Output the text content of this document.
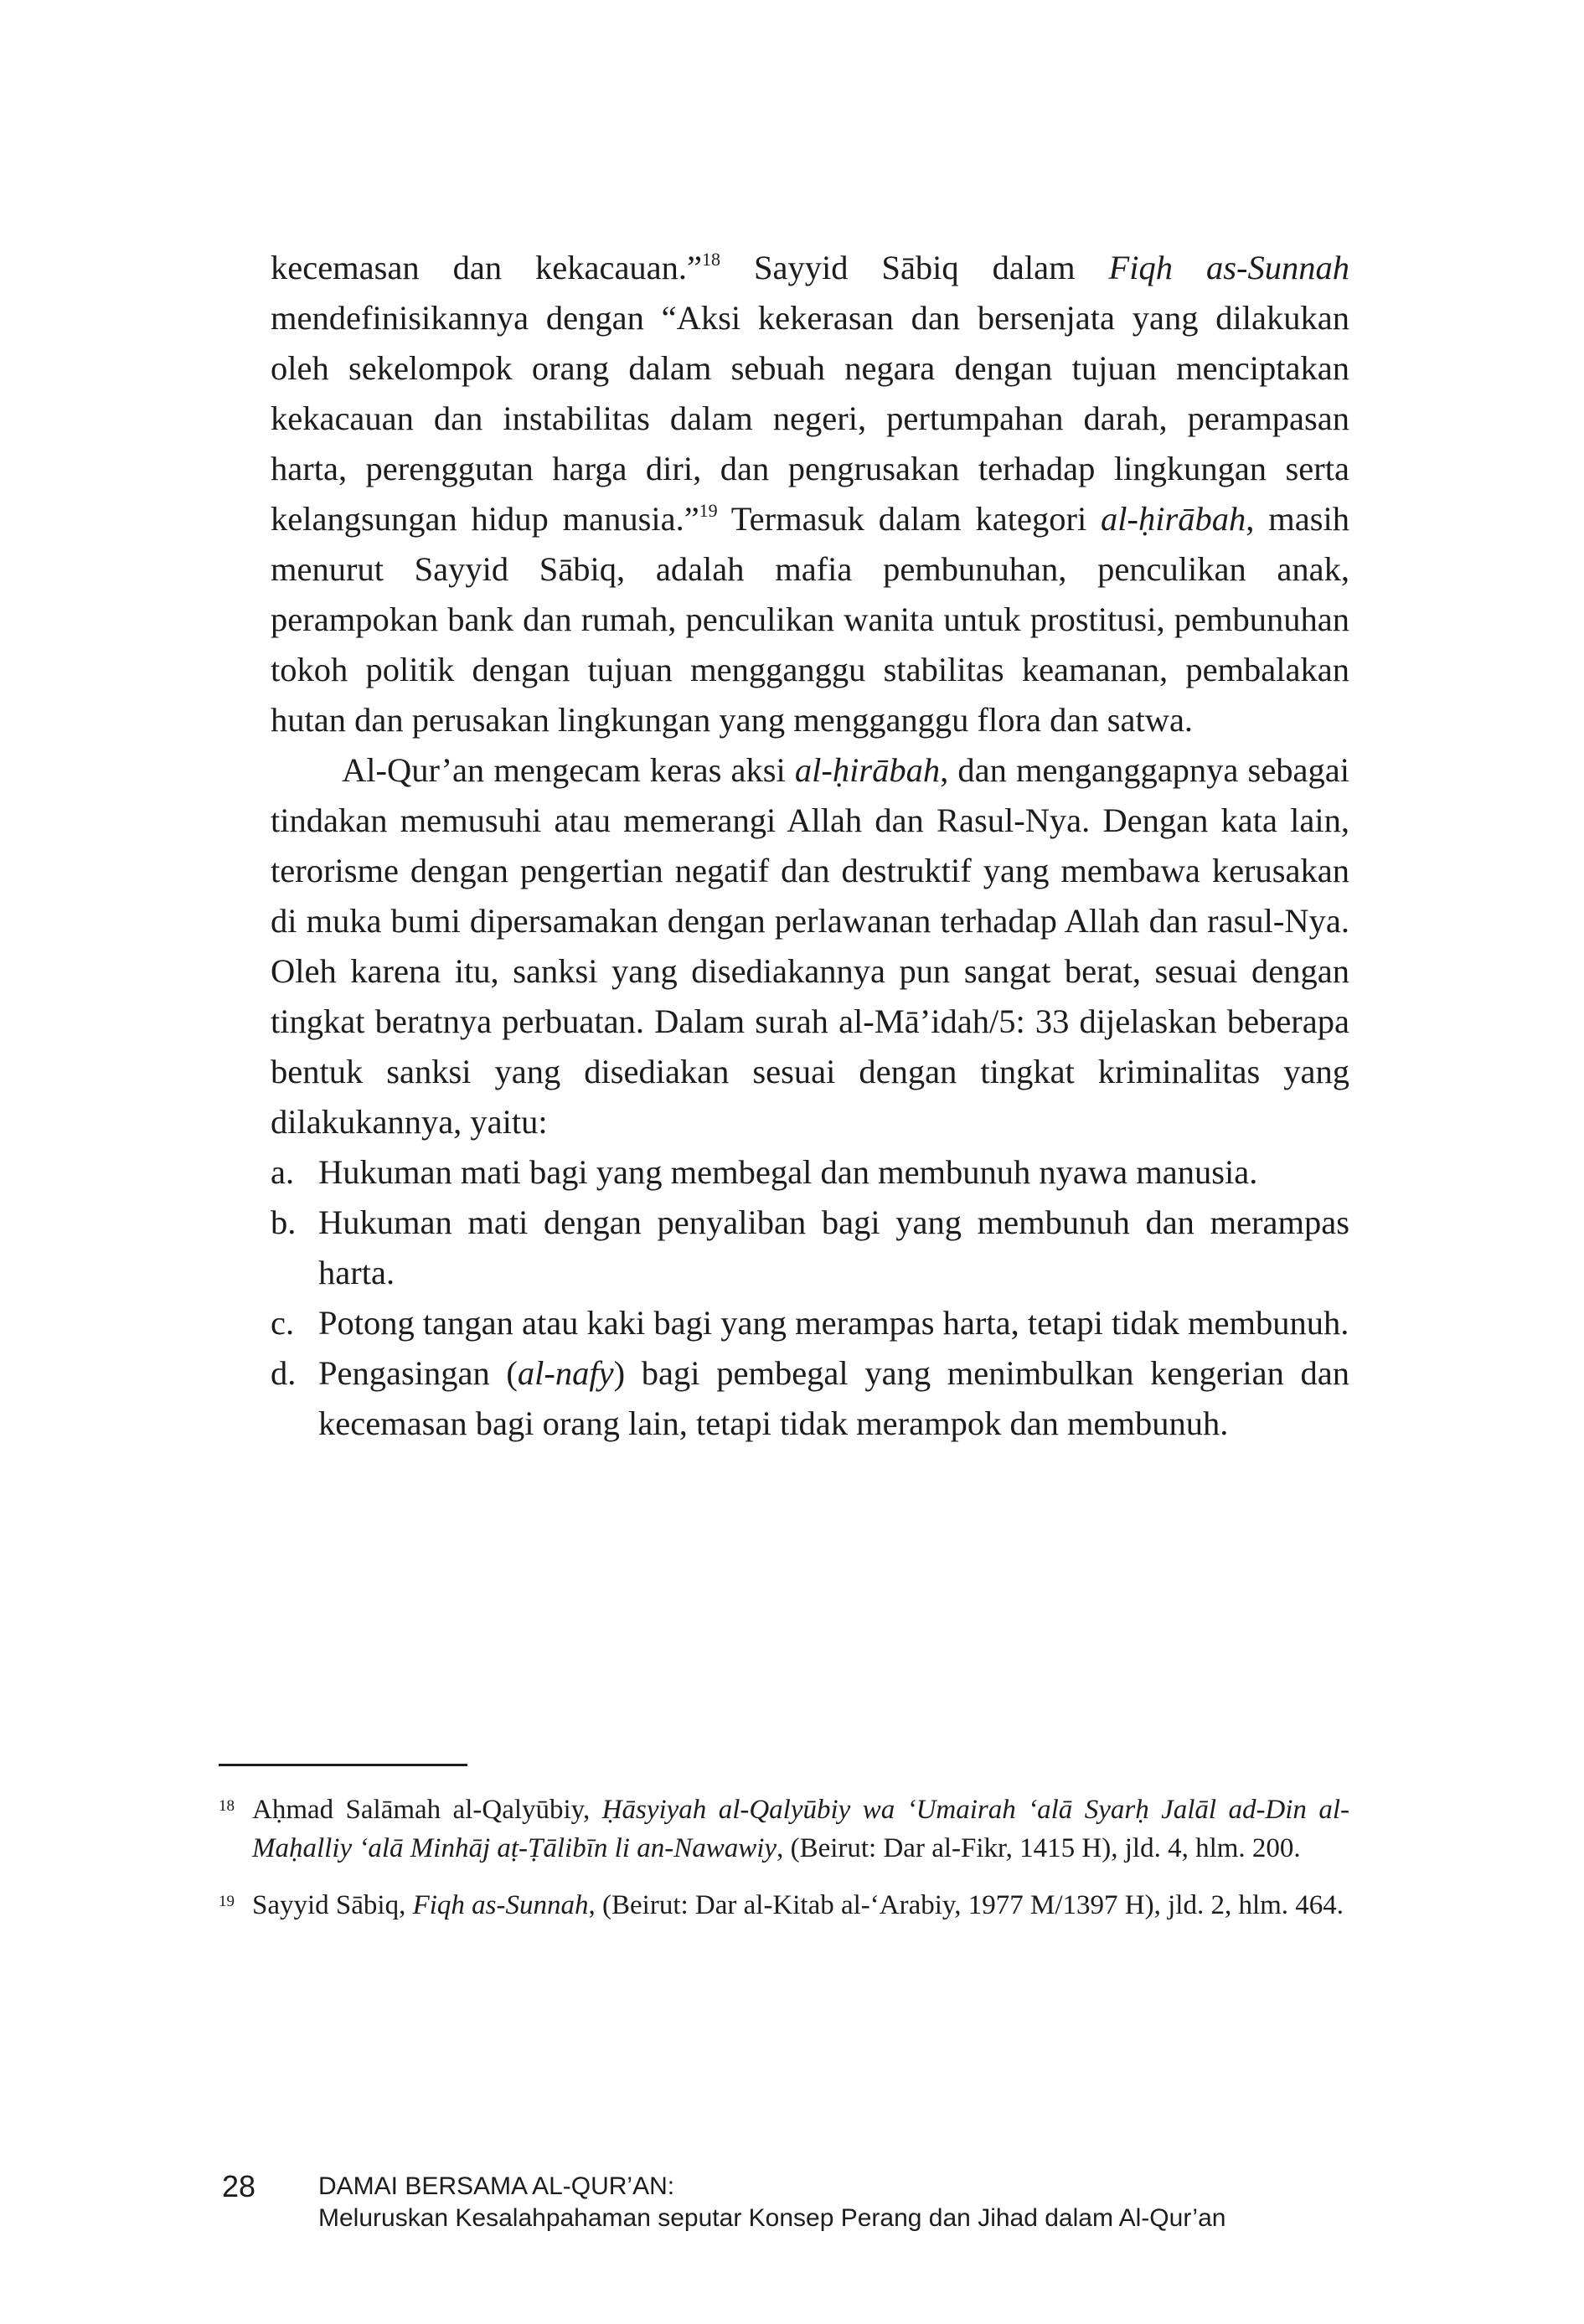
kecemasan dan kekacauan.”$^{18}$ Sayyid Sābiq dalam Fiqh as-Sunnah mendefinisikannya dengan “Aksi kekerasan dan bersenjata yang dilakukan oleh sekelompok orang dalam sebuah negara dengan tujuan menciptakan kekacauan dan instabilitas dalam negeri, pertumpahan darah, perampasan harta, perenggutan harga diri, dan pengrusakan terhadap lingkungan serta kelangsungan hidup manusia.”$^{19}$ Termasuk dalam kategori al-ḥirābah, masih menurut Sayyid Sābiq, adalah mafia pembunuhan, penculikan anak, perampokan bank dan rumah, penculikan wanita untuk prostitusi, pembunuhan tokoh politik dengan tujuan mengganggu stabilitas keamanan, pembalakan hutan dan perusakan lingkungan yang mengganggu flora dan satwa.

Al-Qur’an mengecam keras aksi al-ḥirābah, dan menganggapnya sebagai tindakan memusuhi atau memerangi Allah dan Rasul-Nya. Dengan kata lain, terorisme dengan pengertian negatif dan destruktif yang membawa kerusakan di muka bumi dipersamakan dengan perlawanan terhadap Allah dan rasul-Nya. Oleh karena itu, sanksi yang disediakannya pun sangat berat, sesuai dengan tingkat beratnya perbuatan. Dalam surah al-Mā’idah/5: 33 dijelaskan beberapa bentuk sanksi yang disediakan sesuai dengan tingkat kriminalitas yang dilakukannya, yaitu:

a. Hukuman mati bagi yang membegal dan membunuh nyawa manusia.
b. Hukuman mati dengan penyaliban bagi yang membunuh dan merampas harta.
c. Potong tangan atau kaki bagi yang merampas harta, tetapi tidak membunuh.
d. Pengasingan (al-nafy) bagi pembegal yang menimbulkan kengerian dan kecemasan bagi orang lain, tetapi tidak merampok dan membunuh.
18 Aḥmad Salāmah al-Qalyūbiy, Ḥāsyiyah al-Qalyūbiy wa ‘Umairah ‘alā Syarḥ Jalāl ad-Din al-Maḥalliy ‘alā Minhāj aṭ-Ṭālibīn li an-Nawawiy, (Beirut: Dar al-Fikr, 1415 H), jld. 4, hlm. 200.
19 Sayyid Sābiq, Fiqh as-Sunnah, (Beirut: Dar al-Kitab al-‘Arabiy, 1977 M/1397 H), jld. 2, hlm. 464.
28 DAMAI BERSAMA AL-QUR’AN:
Meluruskan Kesalahpahaman seputar Konsep Perang dan Jihad dalam Al-Qur’an
